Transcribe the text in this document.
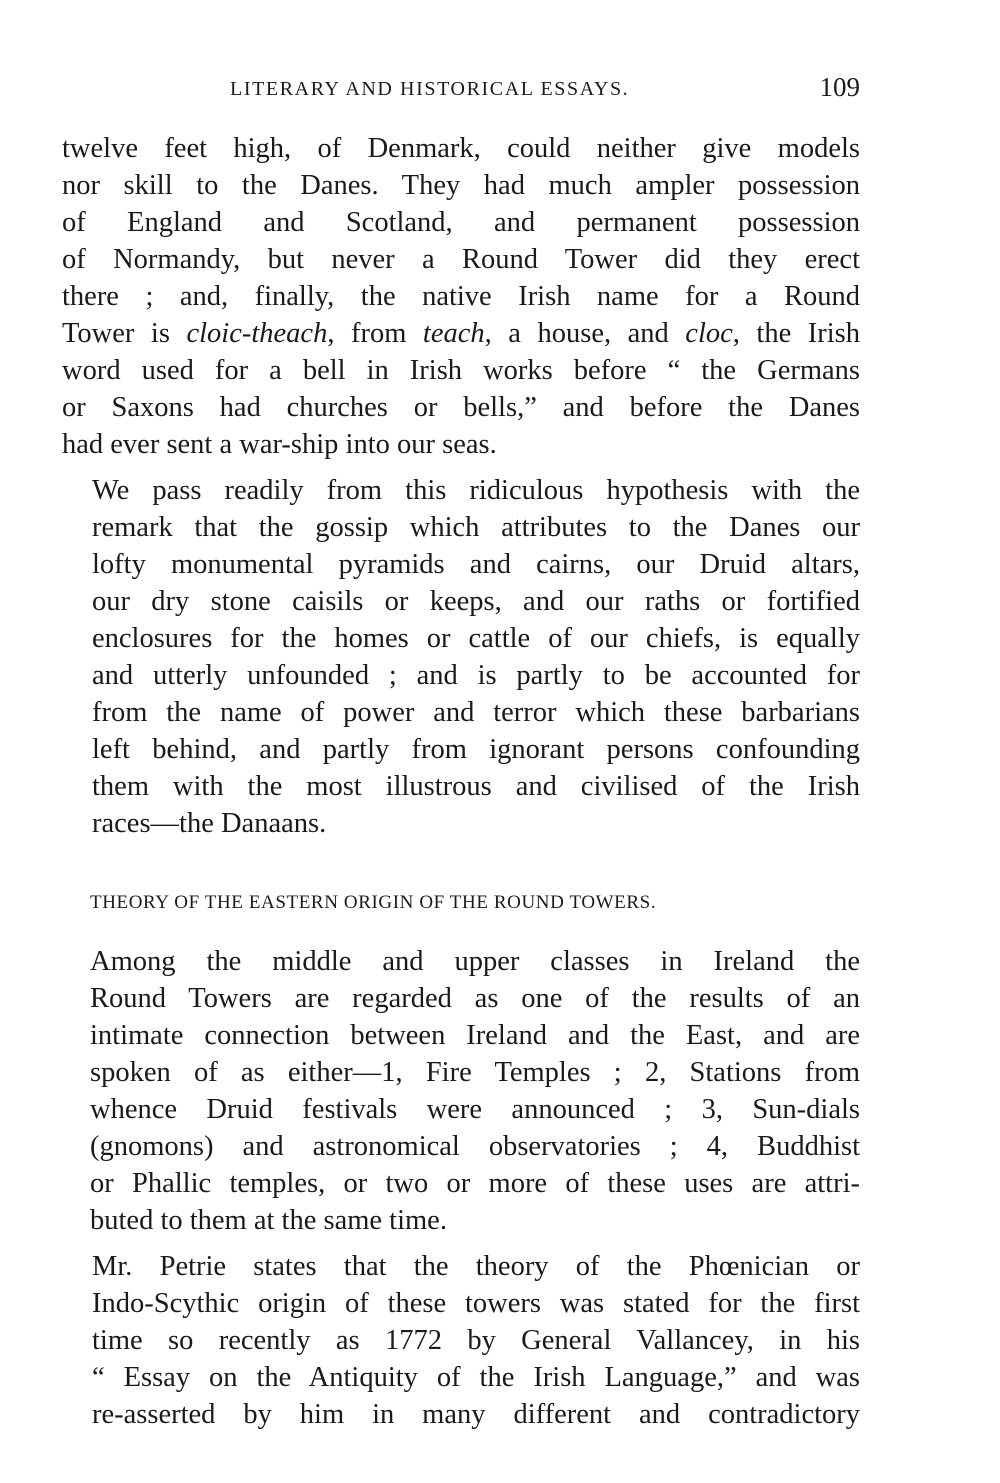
LITERARY AND HISTORICAL ESSAYS.	109

twelve feet high, of Denmark, could neither give models
nor skill to the Danes. They had much ampler possession
of England and Scotland, and permanent possession
of Normandy, but never a Round Tower did they erect
there ; and, finally, the native Irish name for a Round
Tower is cloic-theach, from teach, a house, and cloc, the Irish
word used for a bell in Irish works before “ the Germans
or Saxons had churches or bells,” and before the Danes
had ever sent a war-ship into our seas.

We pass readily from this ridiculous hypothesis with the
remark that the gossip which attributes to the Danes our
lofty monumental pyramids and cairns, our Druid altars,
our dry stone caisils or keeps, and our raths or fortified
enclosures for the homes or cattle of our chiefs, is equally
and utterly unfounded ; and is partly to be accounted for
from the name of power and terror which these barbarians
left behind, and partly from ignorant persons confounding
them with the most illustrous and civilised of the Irish
races—the Danaans.

THEORY OF THE EASTERN ORIGIN OF THE ROUND TOWERS.

Among the middle and upper classes in Ireland the
Round Towers are regarded as one of the results of an
intimate connection between Ireland and the East, and are
spoken of as either—1, Fire Temples ; 2, Stations from
whence Druid festivals were announced ; 3, Sun-dials
(gnomons) and astronomical observatories ; 4, Buddhist
or Phallic temples, or two or more of these uses are attri-
buted to them at the same time.

Mr. Petrie states that the theory of the Phœnician or
Indo-Scythic origin of these towers was stated for the first
time so recently as 1772 by General Vallancey, in his
“ Essay on the Antiquity of the Irish Language,” and was
re-asserted by him in many different and contradictory
